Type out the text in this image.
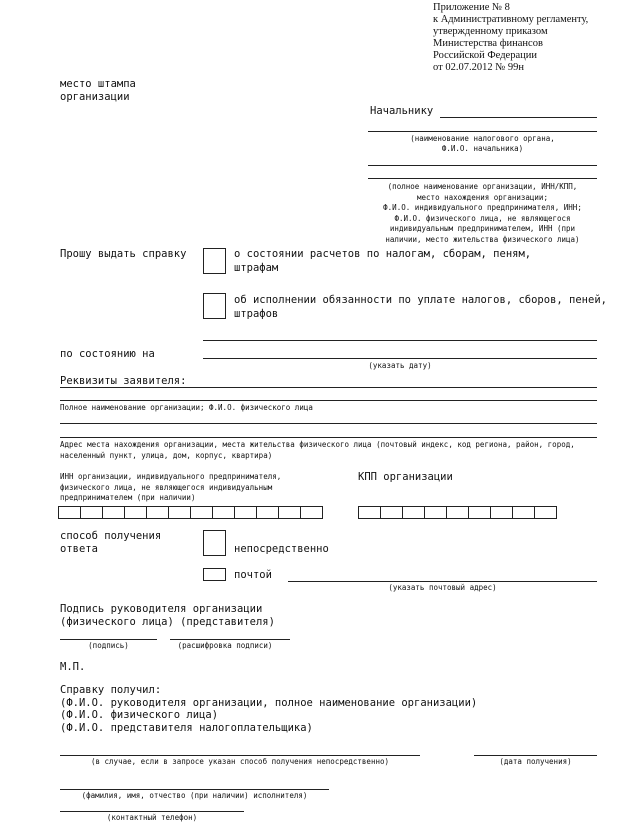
Приложение № 8
к Административному регламенту,
утвержденному приказом
Министерства финансов
Российской Федерации
от 02.07.2012 № 99н
место штампа
организации
Начальнику
(наименование налогового органа,
Ф.И.О. начальника)
(полное наименование организации, ИНН/КПП,
место нахождения организации;
Ф.И.О. индивидуального предпринимателя, ИНН;
Ф.И.О. физического лица, не являющегося
индивидуальным предпринимателем, ИНН (при
наличии, место жительства физического лица)
Прошу выдать справку	о состоянии расчетов по налогам, сборам, пеням,
штрафам
об исполнении обязанности по уплате налогов, сборов, пеней,
штрафов
по состоянию на
(указать дату)
Реквизиты заявителя:
Полное наименование организации; Ф.И.О. физического лица
Адрес места нахождения организации, места жительства физического лица (почтовый индекс, код региона, район, город, населенный пункт, улица, дом, корпус, квартира)
ИНН организации, индивидуального предпринимателя,
физического лица, не являющегося индивидуальным
предпринимателем (при наличии)
КПП организации
способ получения
ответа	непосредственно
почтой
(указать почтовый адрес)
Подпись руководителя организации
(физического лица) (представителя)
(подпись)	(расшифровка подписи)
М.П.
Справку получил:
(Ф.И.О. руководителя организации, полное наименование организации)
(Ф.И.О. физического лица)
(Ф.И.О. представителя налогоплательщика)
(в случае, если в запросе указан способ получения непосредственно)	(дата получения)
(фамилия, имя, отчество (при наличии) исполнителя)
(контактный телефон)
